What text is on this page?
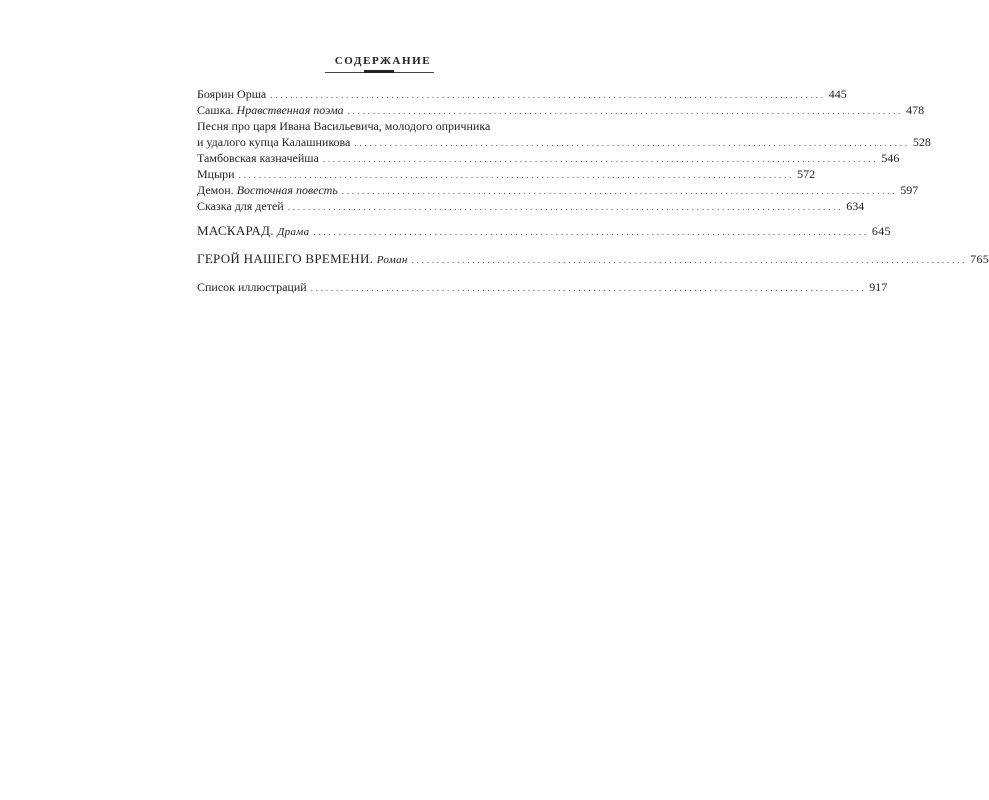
СОДЕРЖАНИЕ
Боярин Орша .............................................................................................................. 445
Сашка. Нравственная поэма .............................................................................................................. 478
Песня про царя Ивана Васильевича, молодого опричника
и удалого купца Калашникова .............................................................................................................. 528
Тамбовская казначейша .............................................................................................................. 546
Мцыри .............................................................................................................. 572
Демон. Восточная повесть .............................................................................................................. 597
Сказка для детей .............................................................................................................. 634
МАСКАРАД. Драма .............................................................................................................. 645
ГЕРОЙ НАШЕГО ВРЕМЕНИ. Роман .............................................................................................................. 765
Список иллюстраций .............................................................................................................. 917
